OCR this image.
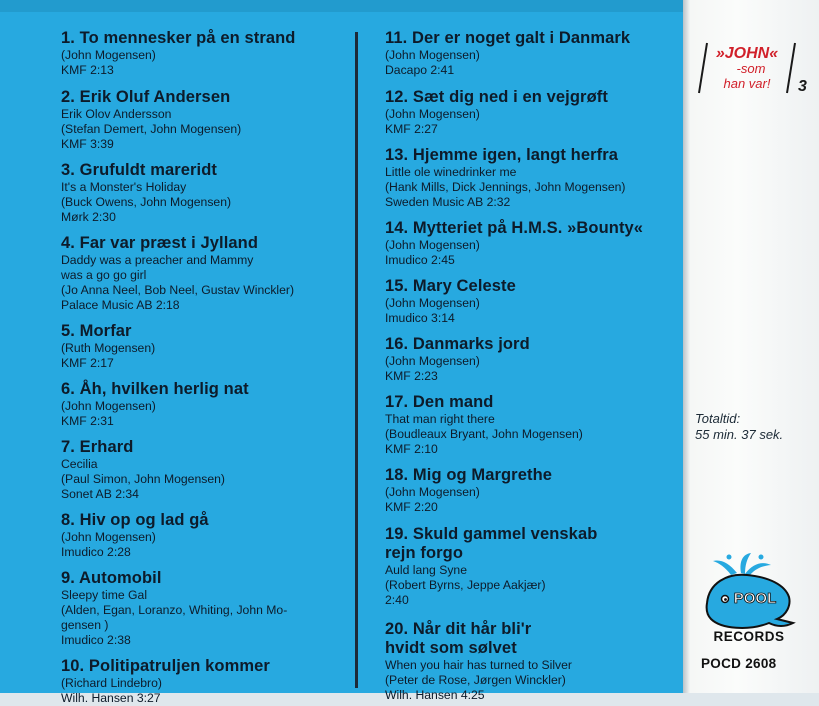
1. To mennesker på en strand
(John Mogensen)
KMF 2:13
2. Erik Oluf Andersen
Erik Olov Andersson
(Stefan Demert, John Mogensen)
KMF 3:39
3. Grufuldt mareridt
It's a Monster's Holiday
(Buck Owens, John Mogensen)
Mørk 2:30
4. Far var præst i Jylland
Daddy was a preacher and Mammy
was a go go girl
(Jo Anna Neel, Bob Neel, Gustav Winckler)
Palace Music AB 2:18
5. Morfar
(Ruth Mogensen)
KMF 2:17
6. Åh, hvilken herlig nat
(John Mogensen)
KMF 2:31
7. Erhard
Cecilia
(Paul Simon, John Mogensen)
Sonet AB 2:34
8. Hiv op og lad gå
(John Mogensen)
Imudico 2:28
9. Automobil
Sleepy time Gal
(Alden, Egan, Loranzo, Whiting, John Mo-
gensen )
Imudico 2:38
10. Politipatruljen kommer
(Richard Lindebro)
Wilh. Hansen 3:27
11. Der er noget galt i Danmark
(John Mogensen)
Dacapo 2:41
12. Sæt dig ned i en vejgrøft
(John Mogensen)
KMF 2:27
13. Hjemme igen, langt herfra
Little ole winedrinker me
(Hank Mills, Dick Jennings, John Mogensen)
Sweden Music AB 2:32
14. Mytteriet på H.M.S. »Bounty«
(John Mogensen)
Imudico 2:45
15. Mary Celeste
(John Mogensen)
Imudico 3:14
16. Danmarks jord
(John Mogensen)
KMF 2:23
17. Den mand
That man right there
(Boudleaux Bryant, John Mogensen)
KMF 2:10
18. Mig og Margrethe
(John Mogensen)
KMF 2:20
19. Skuld gammel venskab
rejn forgo
Auld lang Syne
(Robert Byrns, Jeppe Aakjær)
2:40
20. Når dit hår bli'r
hvidt som sølvet
When you hair has turned to Silver
(Peter de Rose, Jørgen Winckler)
Wilh. Hansen 4:25
»JOHN«
-som
han var! 3
Totaltid:
55 min. 37 sek.
POOL
RECORDS
POCD 2608
